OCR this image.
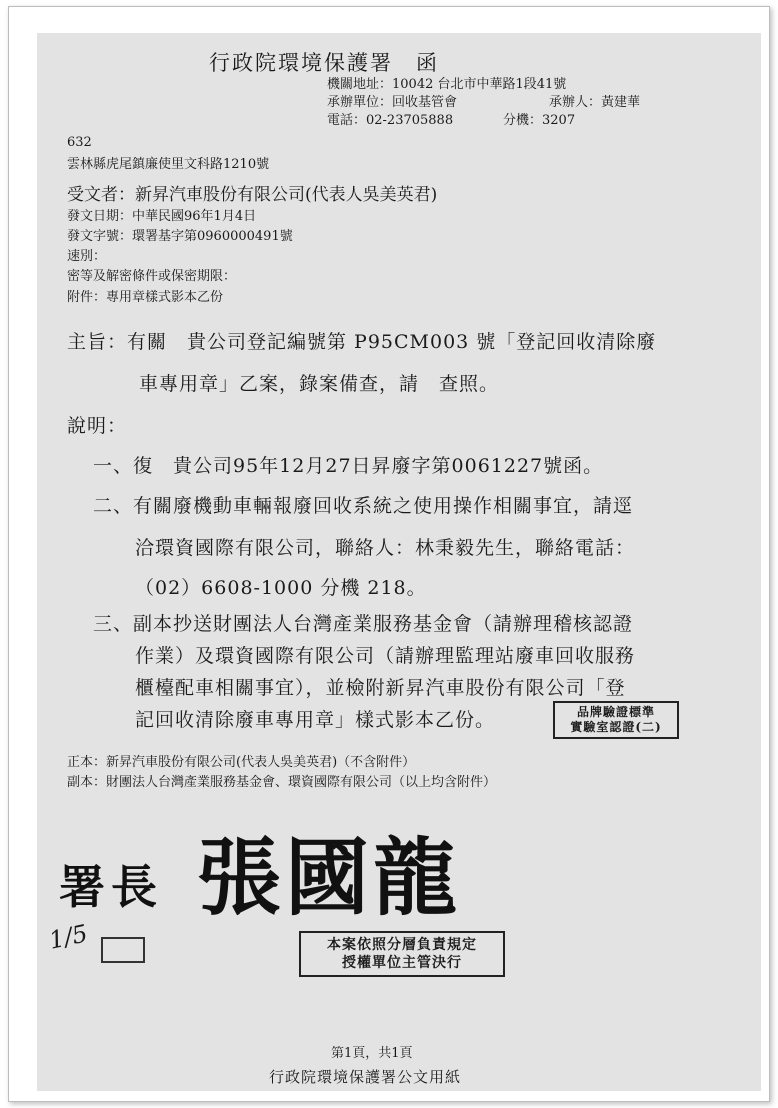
行政院環境保護署　函
機關地址：10042 台北市中華路1段41號
承辦單位：回收基管會	承辦人：黃建華
電話：02-23705888	分機：3207
632
雲林縣虎尾鎮廉使里文科路1210號
受文者：新昇汽車股份有限公司(代表人吳美英君)
發文日期：中華民國96年1月4日
發文字號：環署基字第0960000491號
速別：
密等及解密條件或保密期限：
附件：專用章樣式影本乙份
主旨：有關　貴公司登記編號第 P95CM003 號「登記回收清除廢
車專用章」乙案，錄案備查，請　查照。
說明：
一、復　貴公司95年12月27日昇廢字第0061227號函。
二、有關廢機動車輛報廢回收系統之使用操作相關事宜，請逕
洽環資國際有限公司，聯絡人：林秉毅先生，聯絡電話：
（02）6608-1000 分機 218。
三、副本抄送財團法人台灣產業服務基金會（請辦理稽核認證
作業）及環資國際有限公司（請辦理監理站廢車回收服務
櫃檯配車相關事宜），並檢附新昇汽車股份有限公司「登
記回收清除廢車專用章」樣式影本乙份。	品牌驗證標準
實驗室認證(二)
正本：新昇汽車股份有限公司(代表人吳美英君)（不含附件）
副本：財團法人台灣產業服務基金會、環資國際有限公司（以上均含附件）
署長 張國龍
1/5	本案依照分層負責規定
授權單位主管決行
第1頁，共1頁
行政院環境保護署公文用紙
